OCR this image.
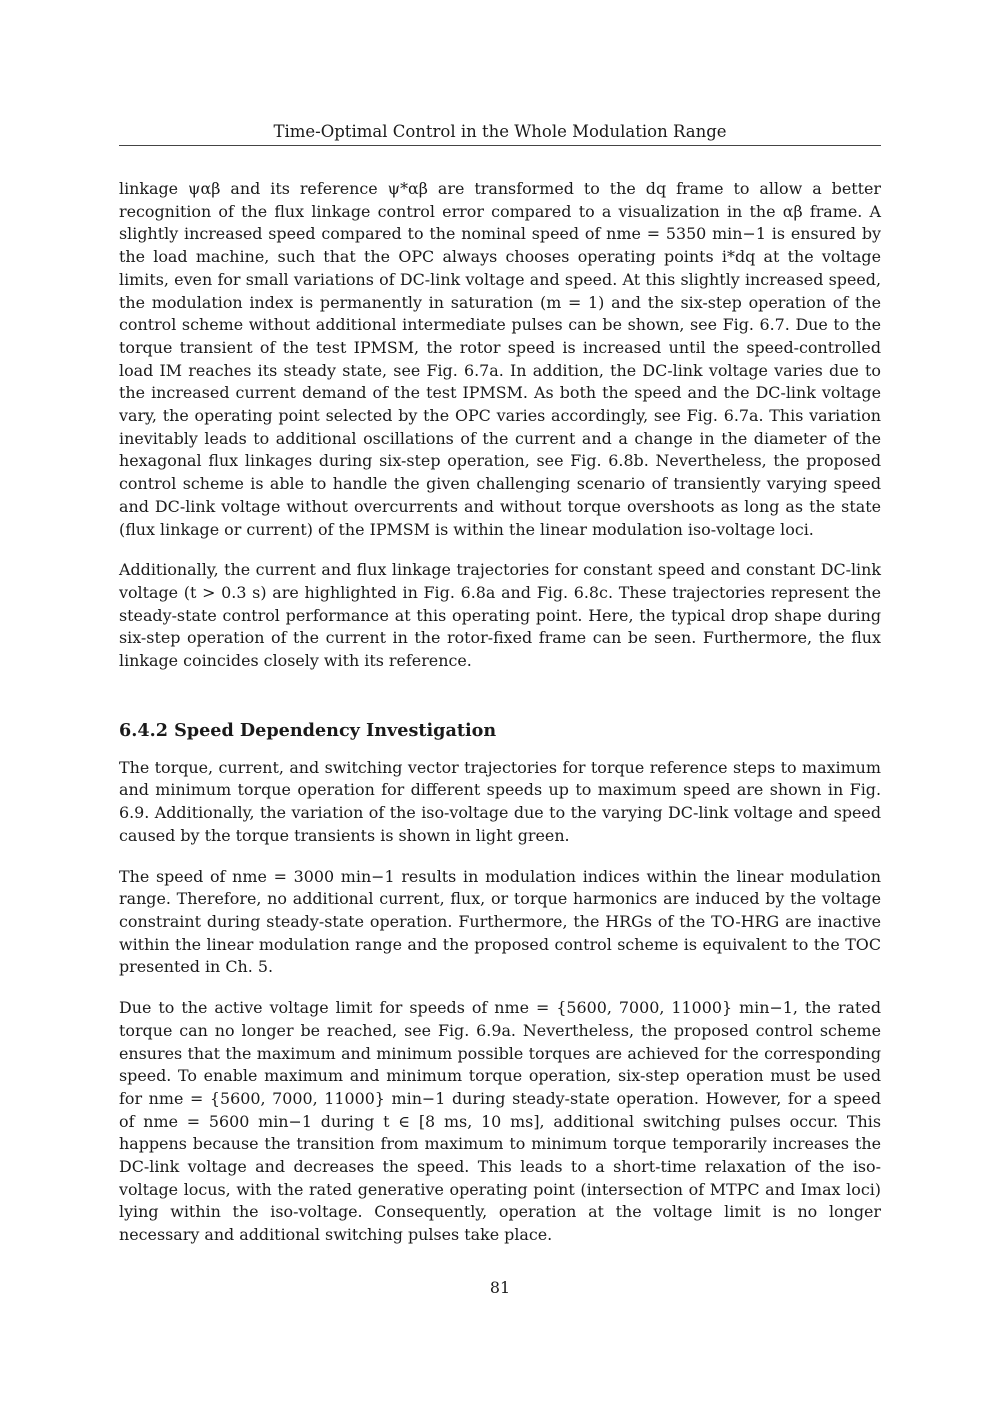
Time-Optimal Control in the Whole Modulation Range

linkage ψαβ and its reference ψ*αβ are transformed to the dq frame to allow a better recognition of the flux linkage control error compared to a visualization in the αβ frame. A slightly increased speed compared to the nominal speed of nme = 5350 min−1 is ensured by the load machine, such that the OPC always chooses operating points i*dq at the voltage limits, even for small variations of DC-link voltage and speed. At this slightly increased speed, the modulation index is permanently in saturation (m = 1) and the six-step operation of the control scheme without additional intermediate pulses can be shown, see Fig. 6.7. Due to the torque transient of the test IPMSM, the rotor speed is increased until the speed-controlled load IM reaches its steady state, see Fig. 6.7a. In addition, the DC-link voltage varies due to the increased current demand of the test IPMSM. As both the speed and the DC-link voltage vary, the operating point selected by the OPC varies accordingly, see Fig. 6.7a. This variation inevitably leads to additional oscillations of the current and a change in the diameter of the hexagonal flux linkages during six-step operation, see Fig. 6.8b. Nevertheless, the proposed control scheme is able to handle the given challenging scenario of transiently varying speed and DC-link voltage without overcurrents and without torque overshoots as long as the state (flux linkage or current) of the IPMSM is within the linear modulation iso-voltage loci.

Additionally, the current and flux linkage trajectories for constant speed and constant DC-link voltage (t > 0.3 s) are highlighted in Fig. 6.8a and Fig. 6.8c. These trajectories represent the steady-state control performance at this operating point. Here, the typical drop shape during six-step operation of the current in the rotor-fixed frame can be seen. Furthermore, the flux linkage coincides closely with its reference.

6.4.2 Speed Dependency Investigation

The torque, current, and switching vector trajectories for torque reference steps to maximum and minimum torque operation for different speeds up to maximum speed are shown in Fig. 6.9. Additionally, the variation of the iso-voltage due to the varying DC-link voltage and speed caused by the torque transients is shown in light green.

The speed of nme = 3000 min−1 results in modulation indices within the linear modulation range. Therefore, no additional current, flux, or torque harmonics are induced by the voltage constraint during steady-state operation. Furthermore, the HRGs of the TO-HRG are inactive within the linear modulation range and the proposed control scheme is equivalent to the TOC presented in Ch. 5.

Due to the active voltage limit for speeds of nme = {5600, 7000, 11000} min−1, the rated torque can no longer be reached, see Fig. 6.9a. Nevertheless, the proposed control scheme ensures that the maximum and minimum possible torques are achieved for the corresponding speed. To enable maximum and minimum torque operation, six-step operation must be used for nme = {5600, 7000, 11000} min−1 during steady-state operation. However, for a speed of nme = 5600 min−1 during t ∈ [8 ms, 10 ms], additional switching pulses occur. This happens because the transition from maximum to minimum torque temporarily increases the DC-link voltage and decreases the speed. This leads to a short-time relaxation of the iso-voltage locus, with the rated generative operating point (intersection of MTPC and Imax loci) lying within the iso-voltage. Consequently, operation at the voltage limit is no longer necessary and additional switching pulses take place.

81
